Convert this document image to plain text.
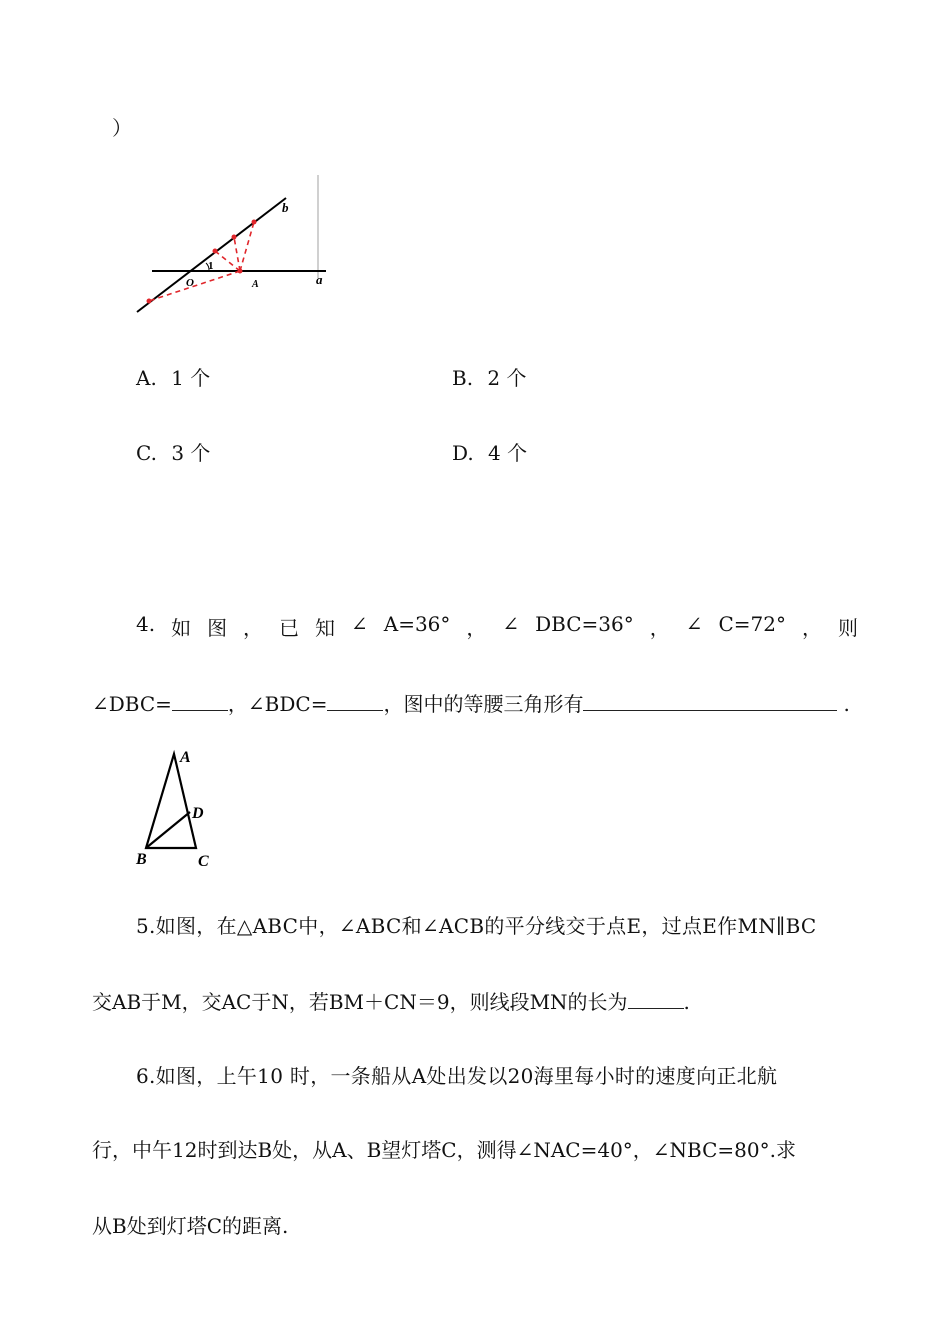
）
b
O
1
A	a
A. 1 个	B. 2 个
C. 3 个	D. 4 个
4. 如 图 ， 已 知 ∠ A=36° ， ∠ DBC=36° ， ∠ C=72° ， 则
∠DBC=	，∠BDC=	，图中的等腰三角形有	.
A
D
B	C
5.如图，在△ABC中，∠ABC和∠ACB的平分线交于点E，过点E作MN∥BC
交AB于M，交AC于N，若BM＋CN＝9，则线段MN的长为	.
6.如图，上午10 时，一条船从A处出发以20海里每小时的速度向正北航
行，中午12时到达B处，从A、B望灯塔C，测得∠NAC=40°，∠NBC=80°.求
从B处到灯塔C的距离.
